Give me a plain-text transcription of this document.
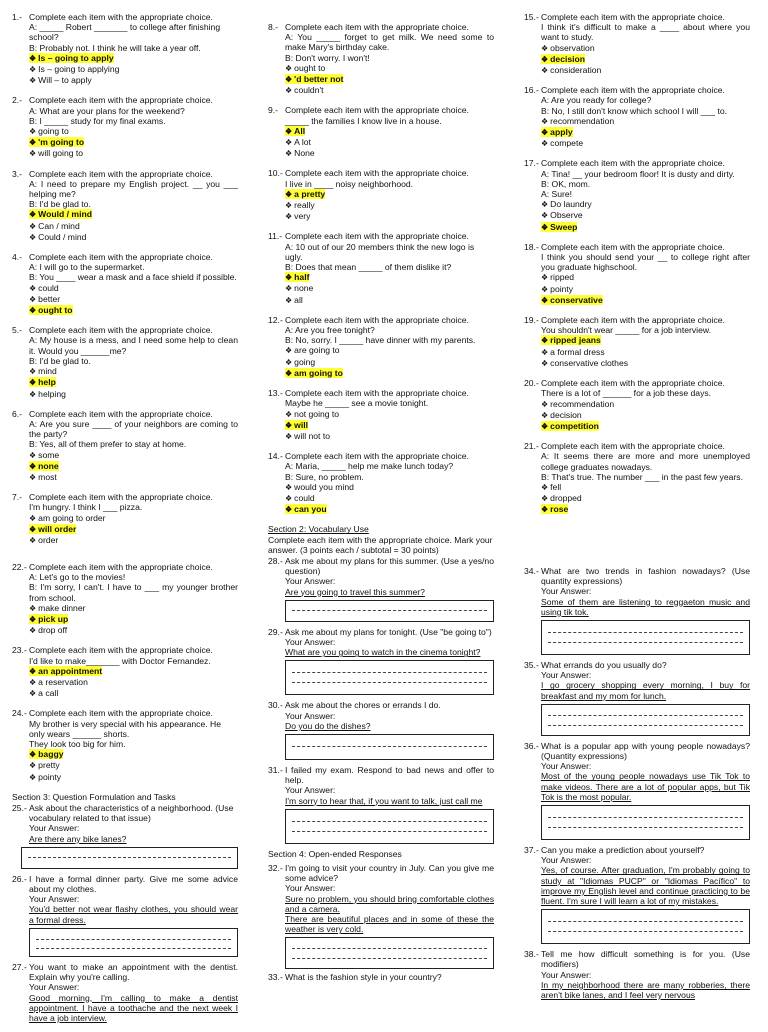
1.- Complete each item with the appropriate choice.
A: _____ Robert _______ to college after finishing school?
B: Probably not. I think he will take a year off.
❖ Is – going to apply
❖ Is – going to applying
❖ Will – to apply
2.- Complete each item with the appropriate choice.
A: What are your plans for the weekend?
B: I _____ study for my final exams.
❖ going to
❖ 'm going to
❖ will going to
3.- Complete each item with the appropriate choice.
A: I need to prepare my English project. __ you ___ helping me?
B: I'd be glad to.
❖ Would / mind
❖ Can / mind
❖ Could / mind
4.- Complete each item with the appropriate choice.
A: I will go to the supermarket.
B: You ____ wear a mask and a face shield if possible.
❖ could
❖ better
❖ ought to
5.- Complete each item with the appropriate choice.
A: My house is a mess, and I need some help to clean it. Would you ______me?
B: I'd be glad to.
❖ mind
❖ help
❖ helping
6.- Complete each item with the appropriate choice.
A: Are you sure ____ of your neighbors are coming to the party?
B: Yes, all of them prefer to stay at home.
❖ some
❖ none
❖ most
7.- Complete each item with the appropriate choice.
I'm hungry. I think I ___ pizza.
❖ am going to order
❖ will order
❖ order
8.- Complete each item with the appropriate choice.
A: You _____ forget to get milk. We need some to make Mary's birthday cake.
B: Don't worry. I won't!
❖ ought to
❖ 'd better not
❖ couldn't
9.- Complete each item with the appropriate choice.
_____ the families I know live in a house.
❖ All
❖ A lot
❖ None
10.- Complete each item with the appropriate choice.
I live in ____ noisy neighborhood.
❖ a pretty
❖ really
❖ very
11.- Complete each item with the appropriate choice.
A: 10 out of our 20 members think the new logo is ugly.
B: Does that mean _____ of them dislike it?
❖ half
❖ none
❖ all
12.- Complete each item with the appropriate choice.
A: Are you free tonight?
B: No, sorry. I _____ have dinner with my parents.
❖ are going to
❖ going
❖ am going to
13.- Complete each item with the appropriate choice.
Maybe he _____ see a movie tonight.
❖ not going to
❖ will
❖ will not to
14.- Complete each item with the appropriate choice.
A: Maria, _____ help me make lunch today?
B: Sure, no problem.
❖ would you mind
❖ could
❖ can you
Section 2: Vocabulary Use
Complete each item with the appropriate choice. Mark your answer. (3 points each / subtotal = 30 points)
15.- Complete each item with the appropriate choice.
I think it's difficult to make a ____ about where you want to study.
❖ observation
❖ decision
❖ consideration
16.- Complete each item with the appropriate choice.
A: Are you ready for college?
B: No, I still don't know which school I will ___ to.
❖ recommendation
❖ apply
❖ compete
17.- Complete each item with the appropriate choice.
A: Tina! __ your bedroom floor! It is dusty and dirty.
B: OK, mom.
A: Sure!
❖ Do laundry
❖ Observe
❖ Sweep
18.- Complete each item with the appropriate choice.
I think you should send your __ to college right after you graduate highschool.
❖ ripped
❖ pointy
❖ conservative
19.- Complete each item with the appropriate choice.
You shouldn't wear _____ for a job interview.
❖ ripped jeans
❖ a formal dress
❖ conservative clothes
20.- Complete each item with the appropriate choice.
There is a lot of ______ for a job these days.
❖ recommendation
❖ decision
❖ competition
21.- Complete each item with the appropriate choice.
A: It seems there are more and more unemployed college graduates nowadays.
B: That's true. The number ___ in the past few years.
❖ fell
❖ dropped
❖ rose
22.- Complete each item with the appropriate choice.
A: Let's go to the movies!
B: I'm sorry, I can't. I have to ___ my younger brother from school.
❖ make dinner
❖ pick up
❖ drop off
23.- Complete each item with the appropriate choice.
I'd like to make_______ with Doctor Fernandez.
❖ an appointment
❖ a reservation
❖ a call
24.- Complete each item with the appropriate choice.
My brother is very special with his appearance. He only wears ______ shorts.
They look too big for him.
❖ baggy
❖ pretty
❖ pointy
Section 3: Question Formulation and Tasks
25.- Ask about the characteristics of a neighborhood. (Use vocabulary related to that issue)
Your Answer:
Are there any bike lanes?
26.- I have a formal dinner party. Give me some advice about my clothes.
Your Answer:
You'd better not wear flashy clothes, you should wear a formal dress.
27.- You want to make an appointment with the dentist. Explain why you're calling.
Your Answer:
Good morning, I'm calling to make a dentist appointment. I have a toothache and the next week I have a job interview.
28.- Ask me about my plans for this summer. (Use a yes/no question)
Your Answer:
Are you going to travel this summer?
29.- Ask me about my plans for tonight. (Use "be going to")
Your Answer:
What are you going to watch in the cinema tonight?
30.- Ask me about the chores or errands I do.
Your Answer:
Do you do the dishes?
31.- I failed my exam. Respond to bad news and offer to help.
Your Answer:
I'm sorry to hear that, if you want to talk, just call me
Section 4: Open-ended Responses
32.- I'm going to visit your country in July. Can you give me some advice?
Your Answer:
Sure no problem, you should bring comfortable clothes and a camera.
There are beautiful places and in some of these the weather is very cold.
33.- What is the fashion style in your country?
34.- What are two trends in fashion nowadays? (Use quantity expressions)
Your Answer:
Some of them are listening to reggaeton music and using tik tok.
35.- What errands do you usually do?
Your Answer:
I go grocery shopping every morning, I buy for breakfast and my mom for lunch.
36.- What is a popular app with young people nowadays? (Quantity expressions)
Your Answer:
Most of the young people nowadays use Tik Tok to make videos. There are a lot of popular apps, but Tik Tok is the most popular.
37.- Can you make a prediction about yourself?
Your Answer:
Yes, of course. After graduation, I'm probably going to study at "Idiomas PUCP" or "Idiomas Pacífico" to improve my English level and continue practicing to be fluent. I'm sure I will learn a lot of my mistakes.
38.- Tell me how difficult something is for you. (Use modifiers)
Your Answer:
In my neighborhood there are many robberies, there aren't bike lanes, and I feel very nervous
